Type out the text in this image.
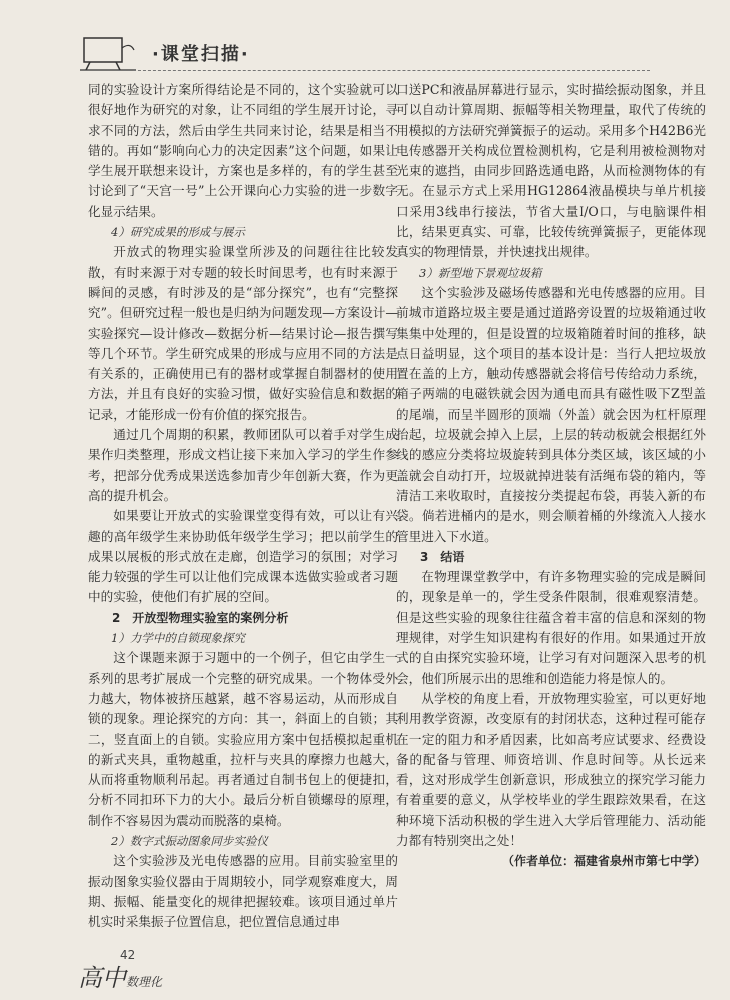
·课堂扫描·

同的实验设计方案所得结论是不同的，这个实验就可以很好地作为研究的对象，让不同组的学生展开讨论，寻求不同的方法，然后由学生共同来讨论，结果是相当不错的。再如“影响向心力的决定因素”这个问题，如果让学生展开联想来设计，方案也是多样的，有的学生甚至讨论到了“天宫一号”上公开课向心力实验的进一步数字化显示结果。

4）研究成果的形成与展示

开放式的物理实验课堂所涉及的问题往往比较发散，有时来源于对专题的较长时间思考，也有时来源于瞬间的灵感，有时涉及的是“部分探究”，也有“完整探究”。但研究过程一般也是归纳为问题发现—方案设计—实验探究—设计修改—数据分析—结果讨论—报告撰写等几个环节。学生研究成果的形成与应用不同的方法是有关系的，正确使用已有的器材或掌握自制器材的使用方法，并且有良好的实验习惯，做好实验信息和数据的记录，才能形成一份有价值的探究报告。

通过几个周期的积累，教师团队可以着手对学生成果作归类整理，形成文档让接下来加入学习的学生作参考，把部分优秀成果送选参加青少年创新大赛，作为更高的提升机会。

如果要让开放式的实验课堂变得有效，可以让有兴趣的高年级学生来协助低年级学生学习；把以前学生的成果以展板的形式放在走廊，创造学习的氛围；对学习能力较强的学生可以让他们完成课本选做实验或者习题中的实验，使他们有扩展的空间。

2　开放型物理实验室的案例分析

1）力学中的自锁现象探究

这个课题来源于习题中的一个例子，但它由学生一系列的思考扩展成一个完整的研究成果。一个物体受外力越大，物体被挤压越紧，越不容易运动，从而形成自锁的现象。理论探究的方向：其一，斜面上的自锁；其二，竖直面上的自锁。实验应用方案中包括模拟起重机的新式夹具，重物越重，拉杆与夹具的摩擦力也越大，从而将重物顺利吊起。再者通过自制书包上的便捷扣，分析不同扣环下力的大小。最后分析自锁螺母的原理，制作不容易因为震动而脱落的桌椅。

2）数字式振动图象同步实验仪

这个实验涉及光电传感器的应用。目前实验室里的振动图象实验仪器由于周期较小，同学观察难度大，周期、振幅、能量变化的规律把握较难。该项目通过单片机实时采集振子位置信息，把位置信息通过串

口送PC和液晶屏幕进行显示，实时描绘振动图象，并且可以自动计算周期、振幅等相关物理量，取代了传统的用模拟的方法研究弹簧振子的运动。采用多个H42B6光电传感器开关构成位置检测机构，它是利用被检测物对光束的遮挡，由同步回路选通电路，从而检测物体的有无。在显示方式上采用HG12864液晶模块与单片机接口采用3线串行接法，节省大量I/O口，与电脑课件相比，结果更真实、可靠，比较传统弹簧振子，更能体现真实的物理情景，并快速找出规律。

3）新型地下景观垃圾箱

这个实验涉及磁场传感器和光电传感器的应用。目前城市道路垃圾主要是通过道路旁设置的垃圾箱通过收集集中处理的，但是设置的垃圾箱随着时间的推移，缺点日益明显，这个项目的基本设计是：当行人把垃圾放置在盖的上方，触动传感器就会将信号传给动力系统，箱子两端的电磁铁就会因为通电而具有磁性吸下Z型盖的尾端，而呈半圆形的顶端（外盖）就会因为杠杆原理抬起，垃圾就会掉入上层，上层的转动板就会根据红外线的感应分类将垃圾旋转到具体分类区域，该区域的小盖就会自动打开，垃圾就掉进装有活绳布袋的箱内，等清洁工来收取时，直接按分类提起布袋，再装入新的布袋。倘若进桶内的是水，则会顺着桶的外缘流入人接水管里进入下水道。

3　结语

在物理课堂教学中，有许多物理实验的完成是瞬间的，现象是单一的，学生受条件限制，很难观察清楚。但是这些实验的现象往往蕴含着丰富的信息和深刻的物理规律，对学生知识建构有很好的作用。如果通过开放式的自由探究实验环境，让学习有对问题深入思考的机会，他们所展示出的思维和创造能力将是惊人的。

从学校的角度上看，开放物理实验室，可以更好地利用教学资源，改变原有的封闭状态，这种过程可能存在一定的阻力和矛盾因素，比如高考应试要求、经费设备的配备与管理、师资培训、作息时间等。从长远来看，这对形成学生创新意识，形成独立的探究学习能力有着重要的意义，从学校毕业的学生跟踪效果看，在这种环境下活动积极的学生进入大学后管理能力、活动能力都有特别突出之处！

（作者单位：福建省泉州市第七中学）

42
高中数理化
